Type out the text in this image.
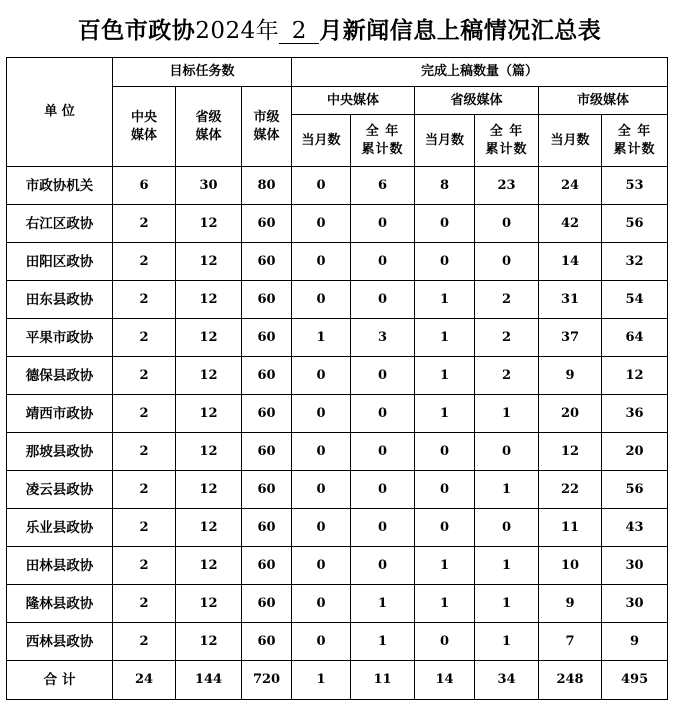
百色市政协2024年 2 月新闻信息上稿情况汇总表
单 位	目标任务数			完成上稿数量（篇）					

	中央媒体	省级媒体	市级媒体	中央媒体		省级媒体		市级媒体	
				当月数	全 年 累计数	当月数	全 年 累计数	当月数	全 年 累计数

市政协机关	6	30	80	0	6	8	23	24	53
右江区政协	2	12	60	0	0	0	0	42	56
田阳区政协	2	12	60	0	0	0	0	14	32
田东县政协	2	12	60	0	0	1	2	31	54
平果市政协	2	12	60	1	3	1	2	37	64
德保县政协	2	12	60	0	0	1	2	9	12
靖西市政协	2	12	60	0	0	1	1	20	36
那坡县政协	2	12	60	0	0	0	0	12	20
凌云县政协	2	12	60	0	0	0	1	22	56
乐业县政协	2	12	60	0	0	0	0	11	43
田林县政协	2	12	60	0	0	1	1	10	30
隆林县政协	2	12	60	0	1	1	1	9	30
西林县政协	2	12	60	0	1	0	1	7	9
合 计	24	144	720	1	11	14	34	248	495
